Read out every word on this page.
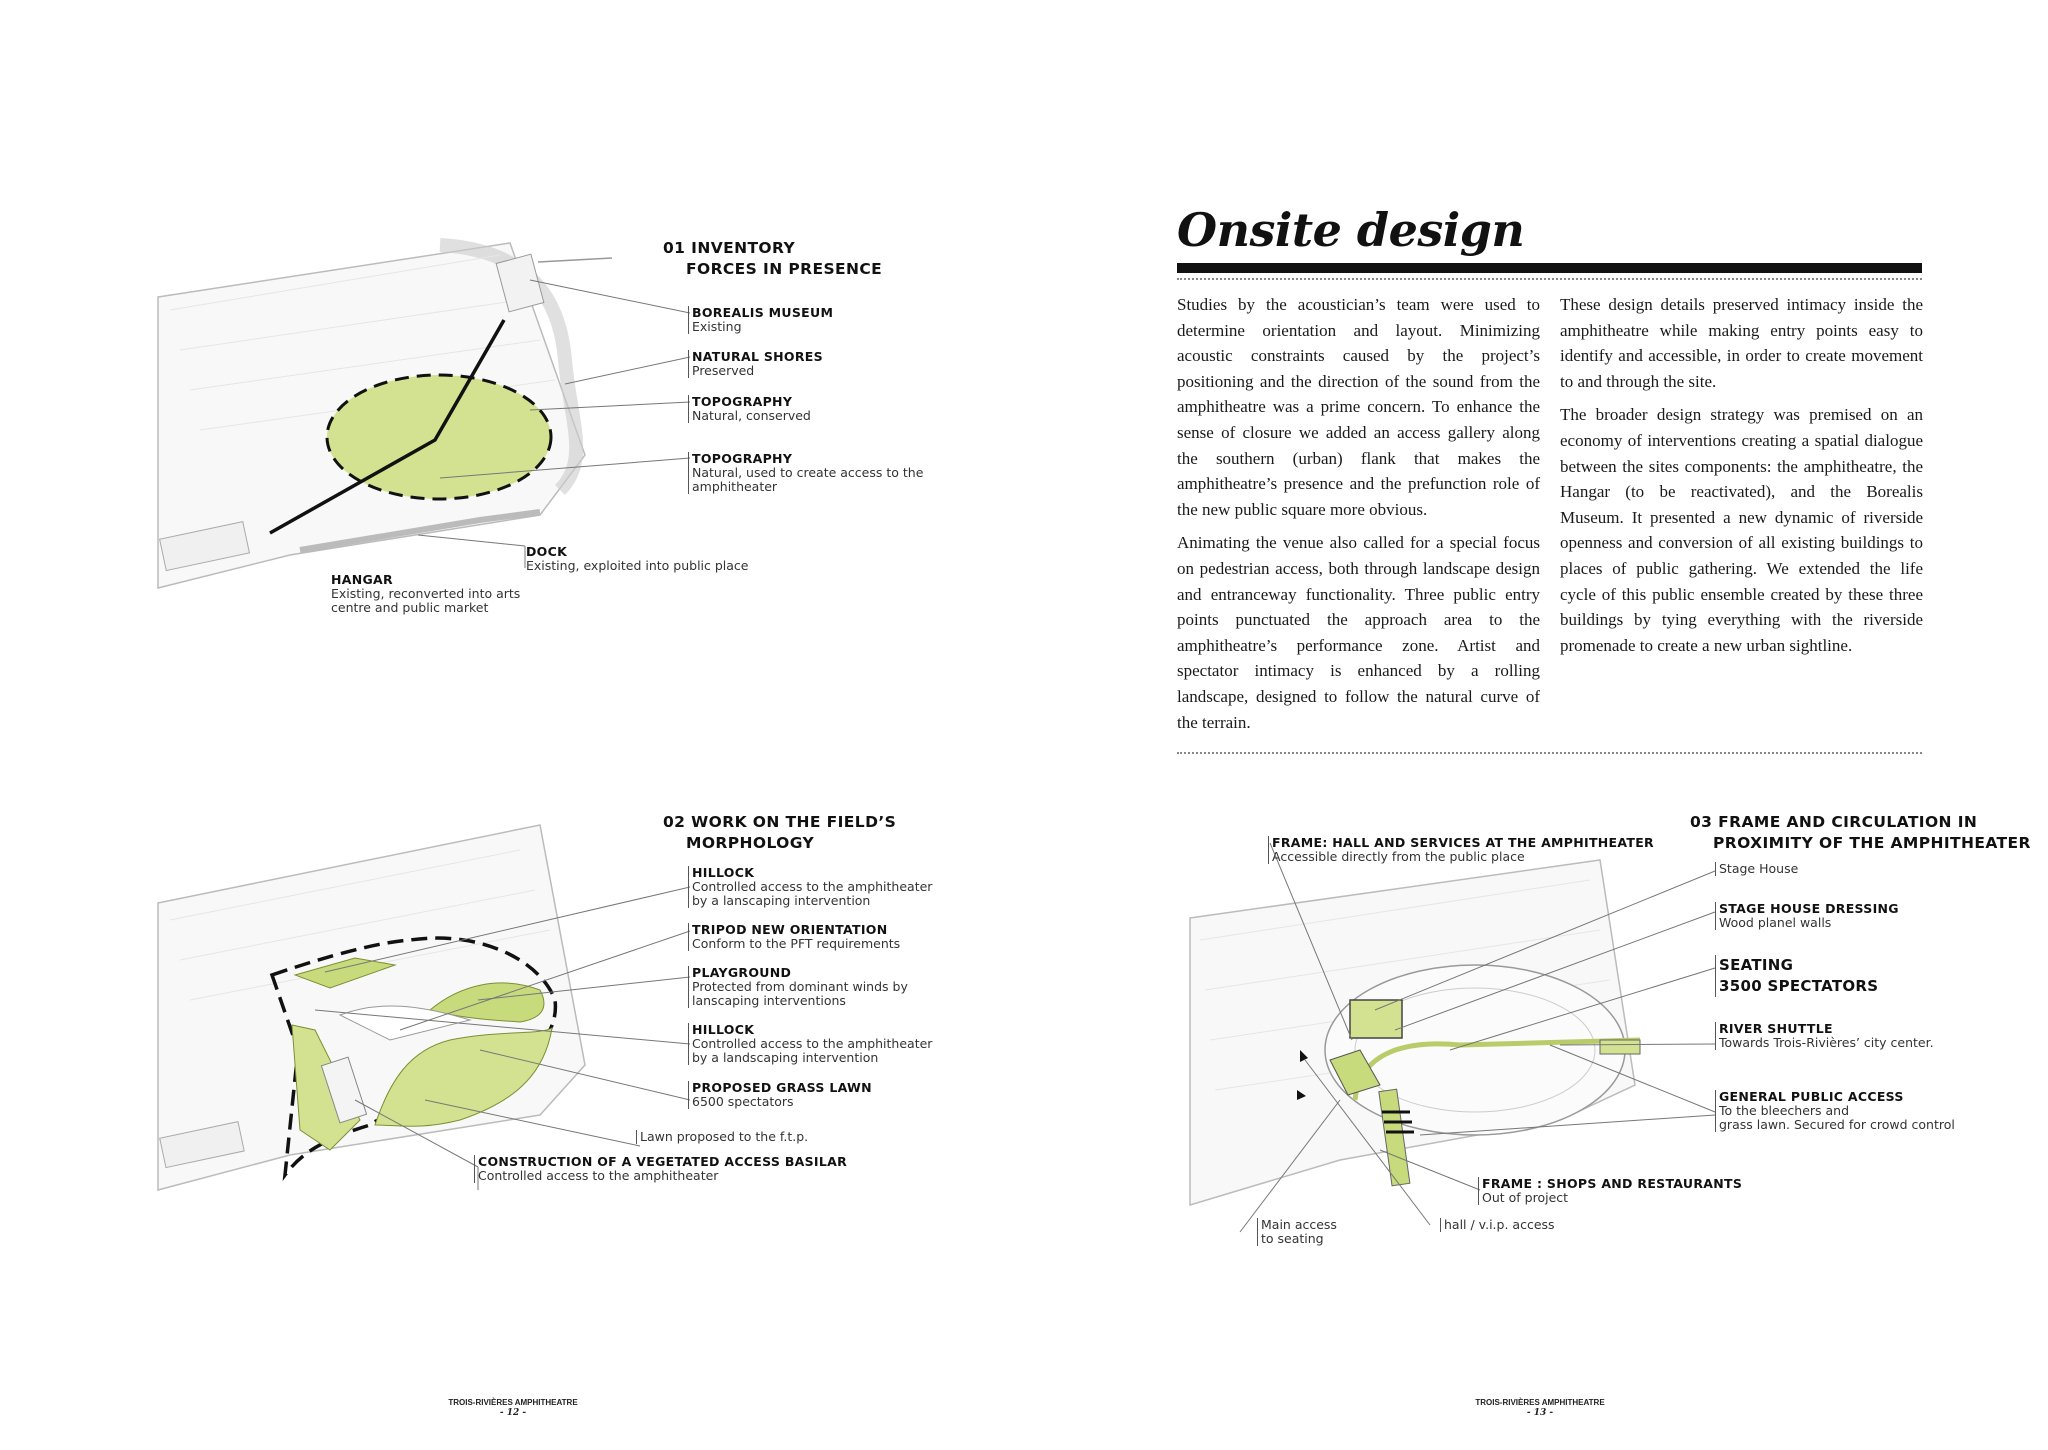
01 INVENTORY
FORCES IN PRESENCE
BOREALIS MUSEUM
Existing
NATURAL SHORES
Preserved
TOPOGRAPHY
Natural, conserved
TOPOGRAPHY
Natural, used to create access to the
amphitheater
DOCK
Existing, exploited into public place
HANGAR
Existing, reconverted into arts
centre and public market
02 WORK ON THE FIELD’S
MORPHOLOGY
HILLOCK
Controlled access to the amphitheater
by a lanscaping intervention
TRIPOD NEW ORIENTATION
Conform to the PFT requirements
PLAYGROUND
Protected from dominant winds by
lanscaping interventions
HILLOCK
Controlled access to the amphitheater
by a landscaping intervention
PROPOSED GRASS LAWN
6500 spectators
Lawn proposed to the f.t.p.
CONSTRUCTION OF A VEGETATED ACCESS BASILAR
Controlled access to the amphitheater
Onsite design

Studies by the acoustician’s team were used to determine orientation and layout. Minimizing acoustic constraints caused by the project’s positioning and the direction of the sound from the amphitheatre was a prime concern. To enhance the sense of closure we added an access gallery along the southern (urban) flank that makes the amphitheatre’s presence and the prefunction role of the new public square more obvious.

Animating the venue also called for a special focus on pedestrian access, both through landscape design and entranceway functionality. Three public entry points punctuated the approach area to the amphitheatre’s performance zone. Artist and spectator intimacy is enhanced by a rolling landscape, designed to follow the natural curve of the terrain.

These design details preserved intimacy inside the amphitheatre while making entry points easy to identify and accessible, in order to create movement to and through the site.

The broader design strategy was premised on an economy of interventions creating a spatial dialogue between the sites components: the amphitheatre, the Hangar (to be reactivated), and the Borealis Museum. It presented a new dynamic of riverside openness and conversion of all existing buildings to places of public gathering. We extended the life cycle of this public ensemble created by these three buildings by tying everything with the riverside promenade to create a new urban sightline.

03 FRAME AND CIRCULATION IN
PROXIMITY OF THE AMPHITHEATER
FRAME: HALL AND SERVICES AT THE AMPHITHEATER
Accessible directly from the public place
Stage House
STAGE HOUSE DRESSING
Wood planel walls
SEATING
3500 SPECTATORS
RIVER SHUTTLE
Towards Trois-Rivières’ city center.
GENERAL PUBLIC ACCESS
To the bleechers and
grass lawn. Secured for crowd control
FRAME : SHOPS AND RESTAURANTS
Out of project
Main access
to seating
hall / v.i.p. access
TROIS-RIVIÈRES AMPHITHEATRE
- 12 -
TROIS-RIVIÈRES AMPHITHEATRE
- 13 -
